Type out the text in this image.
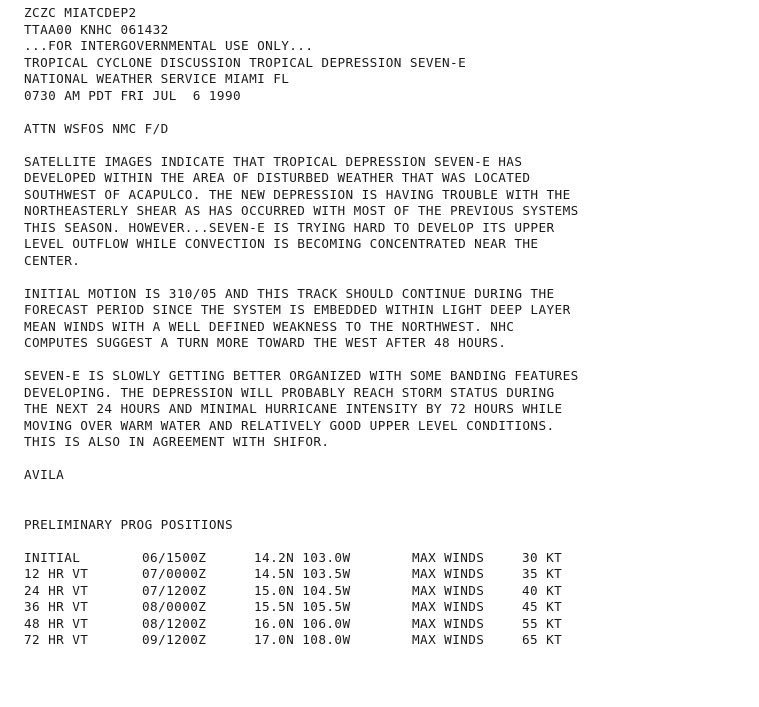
ZCZC MIATCDEP2
TTAA00 KNHC 061432
...FOR INTERGOVERNMENTAL USE ONLY...
TROPICAL CYCLONE DISCUSSION TROPICAL DEPRESSION SEVEN-E
NATIONAL WEATHER SERVICE MIAMI FL
0730 AM PDT FRI JUL  6 1990
ATTN WSFOS NMC F/D
SATELLITE IMAGES INDICATE THAT TROPICAL DEPRESSION SEVEN-E HAS
DEVELOPED WITHIN THE AREA OF DISTURBED WEATHER THAT WAS LOCATED
SOUTHWEST OF ACAPULCO. THE NEW DEPRESSION IS HAVING TROUBLE WITH THE
NORTHEASTERLY SHEAR AS HAS OCCURRED WITH MOST OF THE PREVIOUS SYSTEMS
THIS SEASON. HOWEVER...SEVEN-E IS TRYING HARD TO DEVELOP ITS UPPER
LEVEL OUTFLOW WHILE CONVECTION IS BECOMING CONCENTRATED NEAR THE
CENTER.
INITIAL MOTION IS 310/05 AND THIS TRACK SHOULD CONTINUE DURING THE
FORECAST PERIOD SINCE THE SYSTEM IS EMBEDDED WITHIN LIGHT DEEP LAYER
MEAN WINDS WITH A WELL DEFINED WEAKNESS TO THE NORTHWEST. NHC
COMPUTES SUGGEST A TURN MORE TOWARD THE WEST AFTER 48 HOURS.
SEVEN-E IS SLOWLY GETTING BETTER ORGANIZED WITH SOME BANDING FEATURES
DEVELOPING. THE DEPRESSION WILL PROBABLY REACH STORM STATUS DURING
THE NEXT 24 HOURS AND MINIMAL HURRICANE INTENSITY BY 72 HOURS WHILE
MOVING OVER WARM WATER AND RELATIVELY GOOD UPPER LEVEL CONDITIONS.
THIS IS ALSO IN AGREEMENT WITH SHIFOR.
AVILA
PRELIMINARY PROG POSITIONS
INITIAL	06/1500Z	14.2N 103.0W	MAX WINDS	30 KT
12 HR VT	07/0000Z	14.5N 103.5W	MAX WINDS	35 KT
24 HR VT	07/1200Z	15.0N 104.5W	MAX WINDS	40 KT
36 HR VT	08/0000Z	15.5N 105.5W	MAX WINDS	45 KT
48 HR VT	08/1200Z	16.0N 106.0W	MAX WINDS	55 KT
72 HR VT	09/1200Z	17.0N 108.0W	MAX WINDS	65 KT
